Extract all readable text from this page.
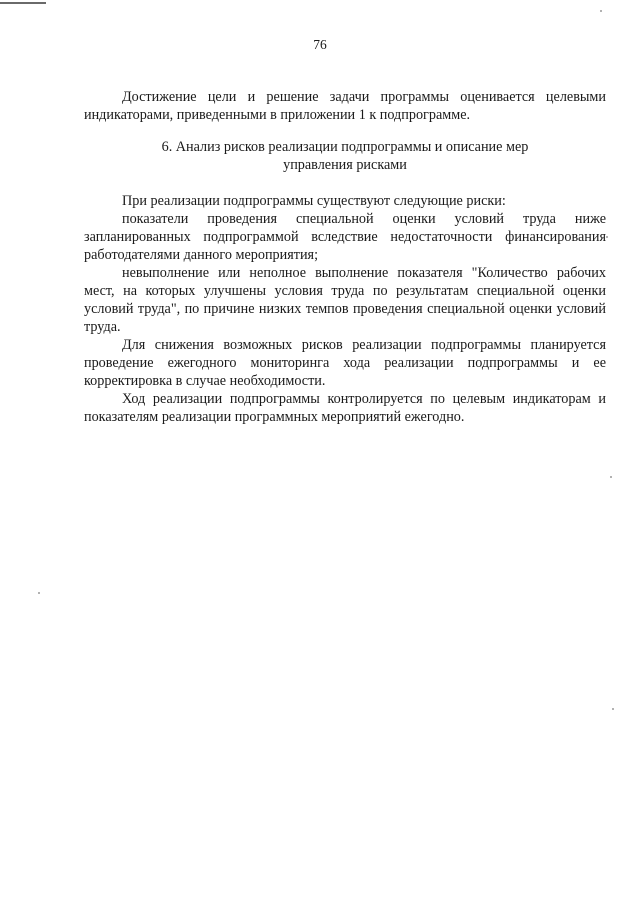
76

Достижение цели и решение задачи программы оценивается целевыми индикаторами, приведенными в приложении 1 к подпрограмме.

6. Анализ рисков реализации подпрограммы и описание мер
управления рисками

При реализации подпрограммы существуют следующие риски:

показатели проведения специальной оценки условий труда ниже запланированных подпрограммой вследствие недостаточности финансирования работодателями данного мероприятия;

невыполнение или неполное выполнение показателя "Количество рабочих мест, на которых улучшены условия труда по результатам специальной оценки условий труда", по причине низких темпов проведения специальной оценки условий труда.

Для снижения возможных рисков реализации подпрограммы планируется проведение ежегодного мониторинга хода реализации подпрограммы и ее корректировка в случае необходимости.

Ход реализации подпрограммы контролируется по целевым индикаторам и показателям реализации программных мероприятий ежегодно.
